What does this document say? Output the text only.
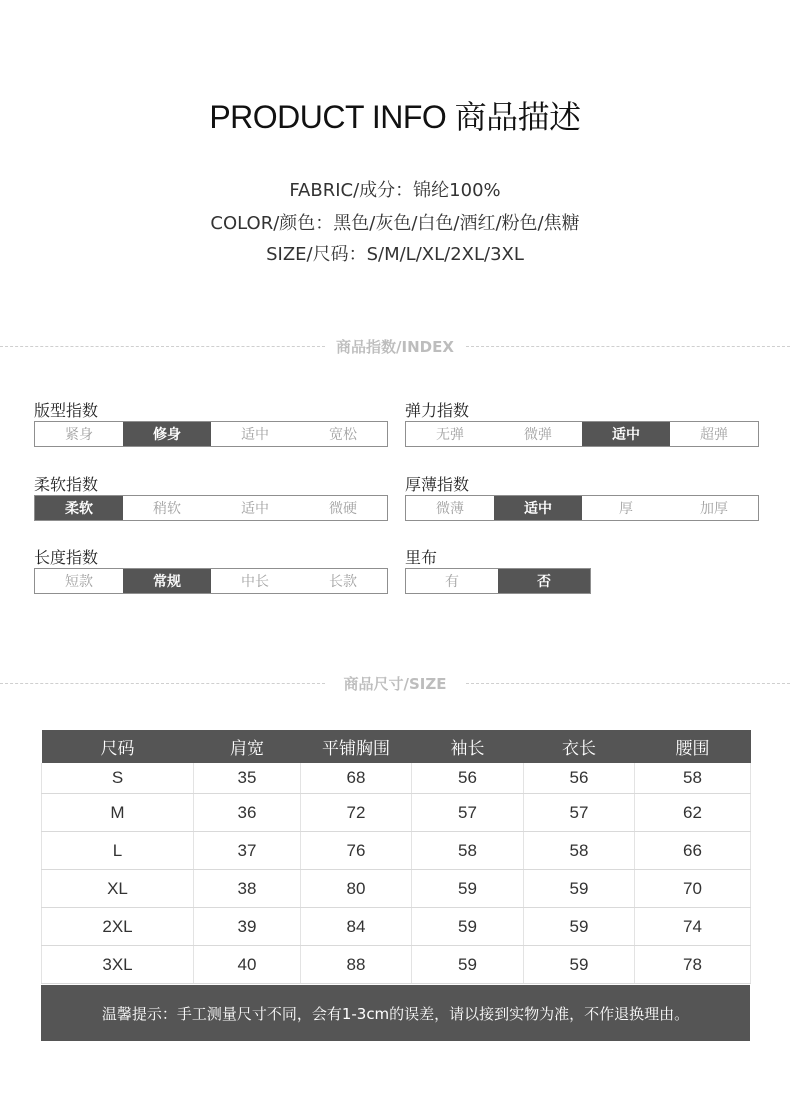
PRODUCT INFO 商品描述
FABRIC/成分：锦纶100%
COLOR/颜色：黑色/灰色/白色/酒红/粉色/焦糖
SIZE/尺码：S/M/L/XL/2XL/3XL
商品指数/INDEX
版型指数
紧身	修身	适中	宽松
弹力指数
无弹	微弹	适中	超弹
柔软指数
柔软	稍软	适中	微硬
厚薄指数
微薄	适中	厚	加厚
长度指数
短款	常规	中长	长款
里布
有	否
商品尺寸/SIZE
尺码	肩宽	平铺胸围	袖长	衣长	腰围
S	35	68	56	56	58
M	36	72	57	57	62
L	37	76	58	58	66
XL	38	80	59	59	70
2XL	39	84	59	59	74
3XL	40	88	59	59	78
温馨提示：手工测量尺寸不同，会有1-3cm的误差，请以接到实物为准，不作退换理由。
